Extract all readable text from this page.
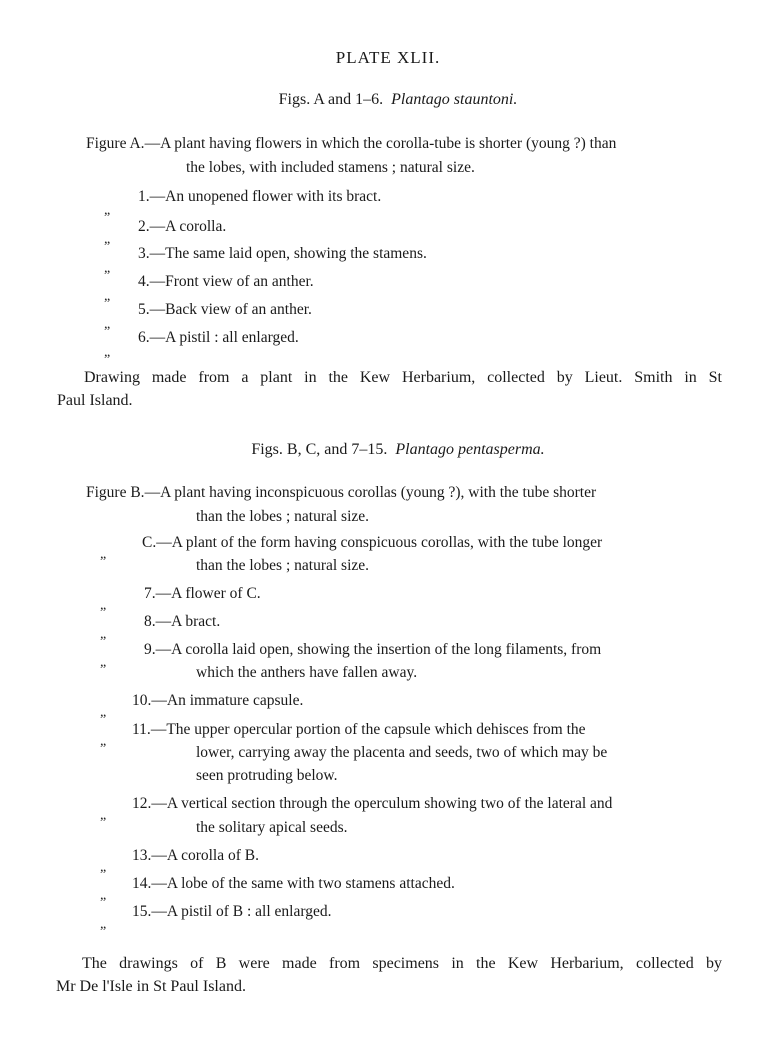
PLATE XLII.
Figs. A and 1–6. Plantago stauntoni.
Figure A.—A plant having flowers in which the corolla-tube is shorter (young ?) than
the lobes, with included stamens ; natural size.
„
1.—An unopened flower with its bract.
„
2.—A corolla.
„
3.—The same laid open, showing the stamens.
„
4.—Front view of an anther.
„
5.—Back view of an anther.
„
6.—A pistil : all enlarged.
Drawing made from a plant in the Kew Herbarium, collected by Lieut. Smith in St
Paul Island.
Figs. B, C, and 7–15. Plantago pentasperma.
Figure B.—A plant having inconspicuous corollas (young ?), with the tube shorter
than the lobes ; natural size.
„
C.—A plant of the form having conspicuous corollas, with the tube longer
than the lobes ; natural size.
„
7.—A flower of C.
„
8.—A bract.
„
9.—A corolla laid open, showing the insertion of the long filaments, from
which the anthers have fallen away.
„
10.—An immature capsule.
„
11.—The upper opercular portion of the capsule which dehisces from the
lower, carrying away the placenta and seeds, two of which may be
seen protruding below.
„
12.—A vertical section through the operculum showing two of the lateral and
the solitary apical seeds.
„
13.—A corolla of B.
„
14.—A lobe of the same with two stamens attached.
„
15.—A pistil of B : all enlarged.
The drawings of B were made from specimens in the Kew Herbarium, collected by
Mr De l'Isle in St Paul Island.
